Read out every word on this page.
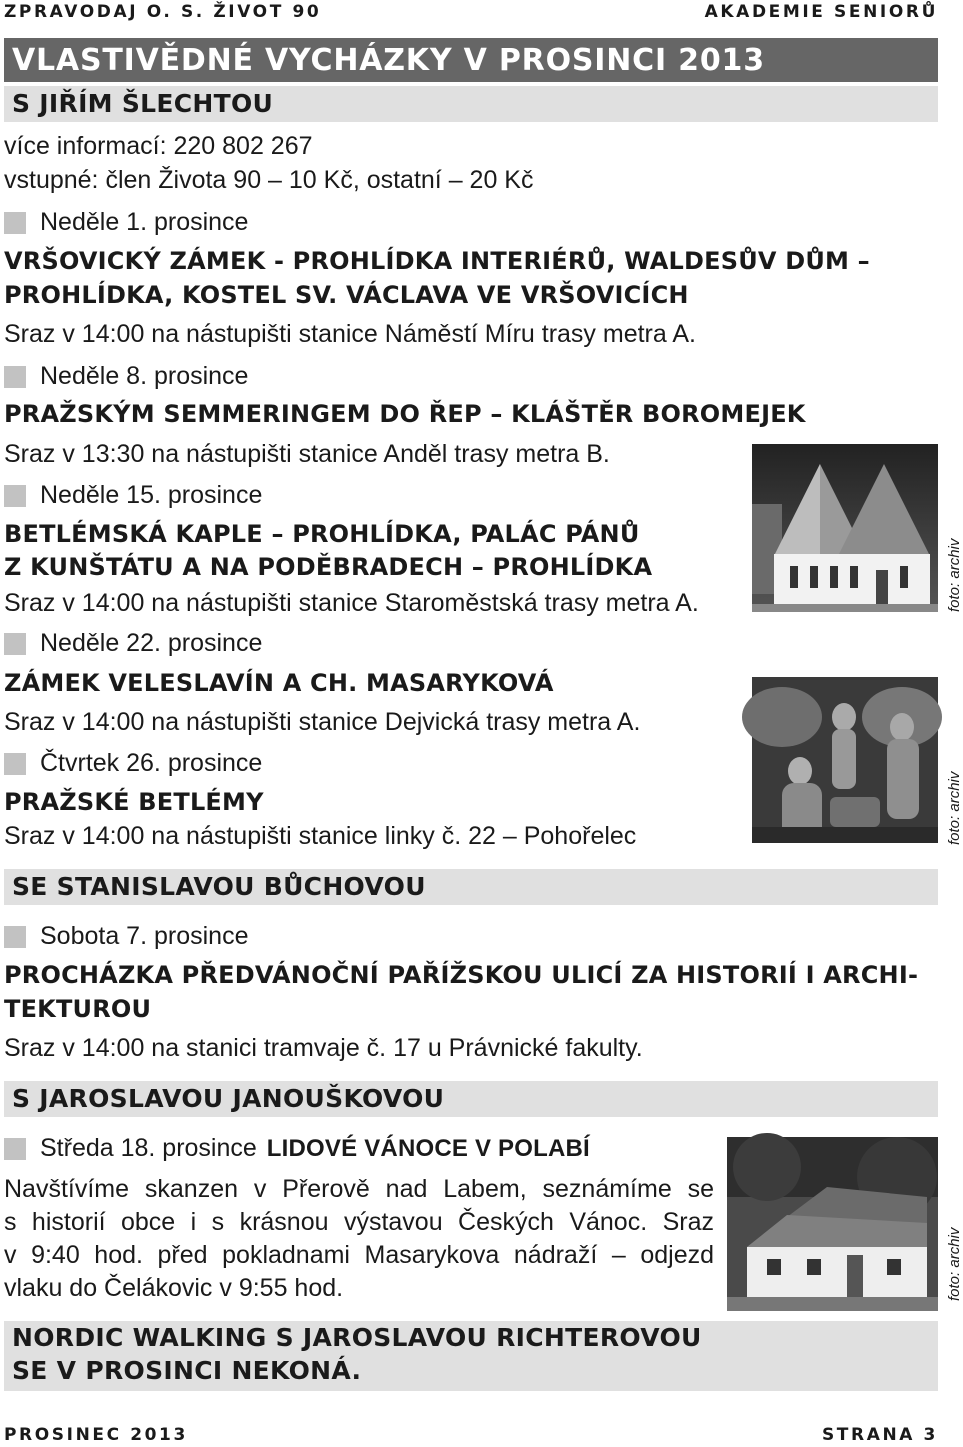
ZPRAVODAJ O. S. ŽIVOT 90	AKADEMIE SENIORŮ
VLASTIVĚDNÉ VYCHÁZKY V PROSINCI 2013
S JIŘÍM ŠLECHTOU
více informací: 220 802 267
vstupné: člen Života 90 – 10 Kč, ostatní – 20 Kč
Neděle 1. prosince
VRŠOVICKÝ ZÁMEK - PROHLÍDKA INTERIÉRŮ, WALDESŮV DŮM –
PROHLÍDKA, KOSTEL SV. VÁCLAVA VE VRŠOVICÍCH
Sraz v 14:00 na nástupišti stanice Náměstí Míru trasy metra A.
Neděle 8. prosince
PRAŽSKÝM SEMMERINGEM DO ŘEP – KLÁŠTĚR BOROMEJEK
Sraz v 13:30 na nástupišti stanice Anděl trasy metra B.
Neděle 15. prosince
BETLÉMSKÁ KAPLE – PROHLÍDKA, PALÁC PÁNŮ
Z KUNŠTÁTU A NA PODĚBRADECH – PROHLÍDKA
Sraz v 14:00 na nástupišti stanice Staroměstská trasy metra A.
Neděle 22. prosince
ZÁMEK VELESLAVÍN A CH. MASARYKOVÁ
Sraz v 14:00 na nástupišti stanice Dejvická trasy metra A.
Čtvrtek 26. prosince
PRAŽSKÉ BETLÉMY
Sraz v 14:00 na nástupišti stanice linky č. 22 – Pohořelec
foto: archiv
foto: archiv
SE STANISLAVOU BŮCHOVOU
Sobota 7. prosince
PROCHÁZKA PŘEDVÁNOČNÍ PAŘÍŽSKOU ULICÍ ZA HISTORIÍ I ARCHI-
TEKTUROU
Sraz v 14:00 na stanici tramvaje č. 17 u Právnické fakulty.
S JAROSLAVOU JANOUŠKOVOU
Středa 18. prosince LIDOVÉ VÁNOCE V POLABÍ
Navštívíme skanzen v Přerově nad Labem, seznámíme se
s historií obce i s krásnou výstavou Českých Vánoc. Sraz
v 9:40 hod. před pokladnami Masarykova nádraží – odjezd
vlaku do Čelákovic v 9:55 hod.	foto: archiv
NORDIC WALKING S JAROSLAVOU RICHTEROVOU
SE V PROSINCI NEKONÁ.
PROSINEC 2013	STRANA 3
